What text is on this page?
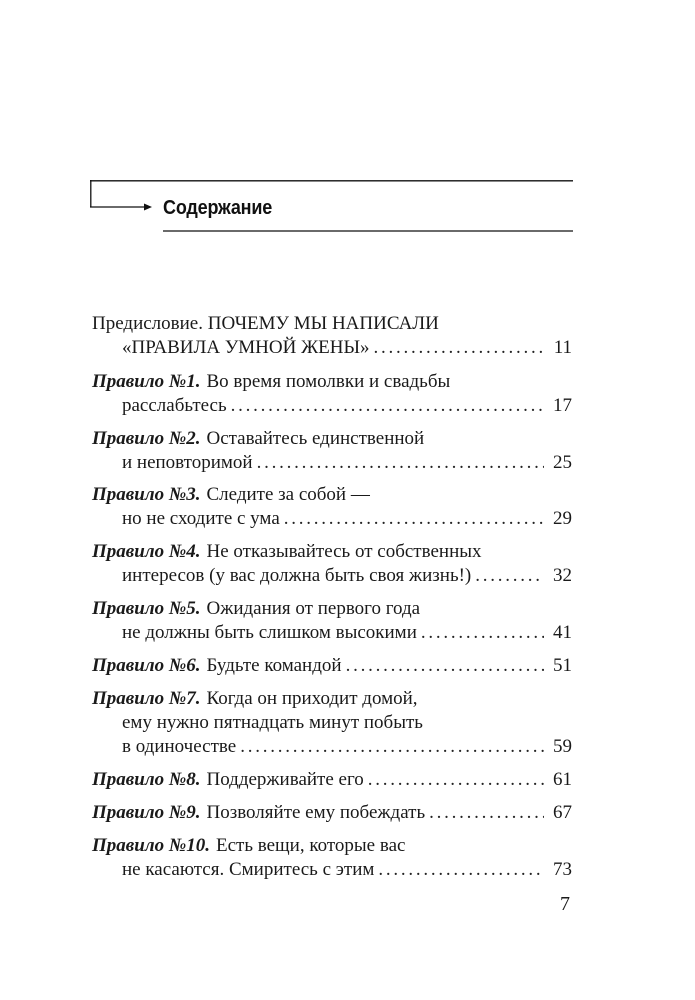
Содержание
Предисловие. ПОЧЕМУ МЫ НАПИСАЛИ
«ПРАВИЛА УМНОЙ ЖЕНЫ» . . .	11
Правило №1. Во время помолвки и свадьбы
расслабьтесь . . .	17
Правило №2. Оставайтесь единственной
и неповторимой . . .	25
Правило №3. Следите за собой —
но не сходите с ума . . .	29
Правило №4. Не отказывайтесь от собственных
интересов (у вас должна быть своя жизнь!) . . .	32
Правило №5. Ожидания от первого года
не должны быть слишком высокими . . .	41
Правило №6. Будьте командой . . .	51
Правило №7. Когда он приходит домой,
ему нужно пятнадцать минут побыть
в одиночестве . . .	59
Правило №8. Поддерживайте его . . .	61
Правило №9. Позволяйте ему побеждать . . .	67
Правило №10. Есть вещи, которые вас
не касаются. Смиритесь с этим . . .	73
7
